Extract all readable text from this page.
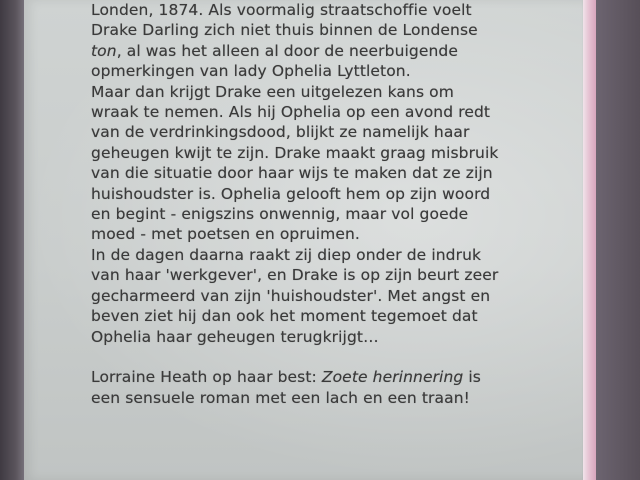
Londen, 1874. Als voormalig straatschoffie voelt
Drake Darling zich niet thuis binnen de Londense
ton, al was het alleen al door de neerbuigende
opmerkingen van lady Ophelia Lyttleton.
Maar dan krijgt Drake een uitgelezen kans om
wraak te nemen. Als hij Ophelia op een avond redt
van de verdrinkingsdood, blijkt ze namelijk haar
geheugen kwijt te zijn. Drake maakt graag misbruik
van die situatie door haar wijs te maken dat ze zijn
huishoudster is. Ophelia gelooft hem op zijn woord
en begint - enigszins onwennig, maar vol goede
moed - met poetsen en opruimen.
In de dagen daarna raakt zij diep onder de indruk
van haar 'werkgever', en Drake is op zijn beurt zeer
gecharmeerd van zijn 'huishoudster'. Met angst en
beven ziet hij dan ook het moment tegemoet dat
Ophelia haar geheugen terugkrijgt…
Lorraine Heath op haar best: Zoete herinnering is
een sensuele roman met een lach en een traan!
